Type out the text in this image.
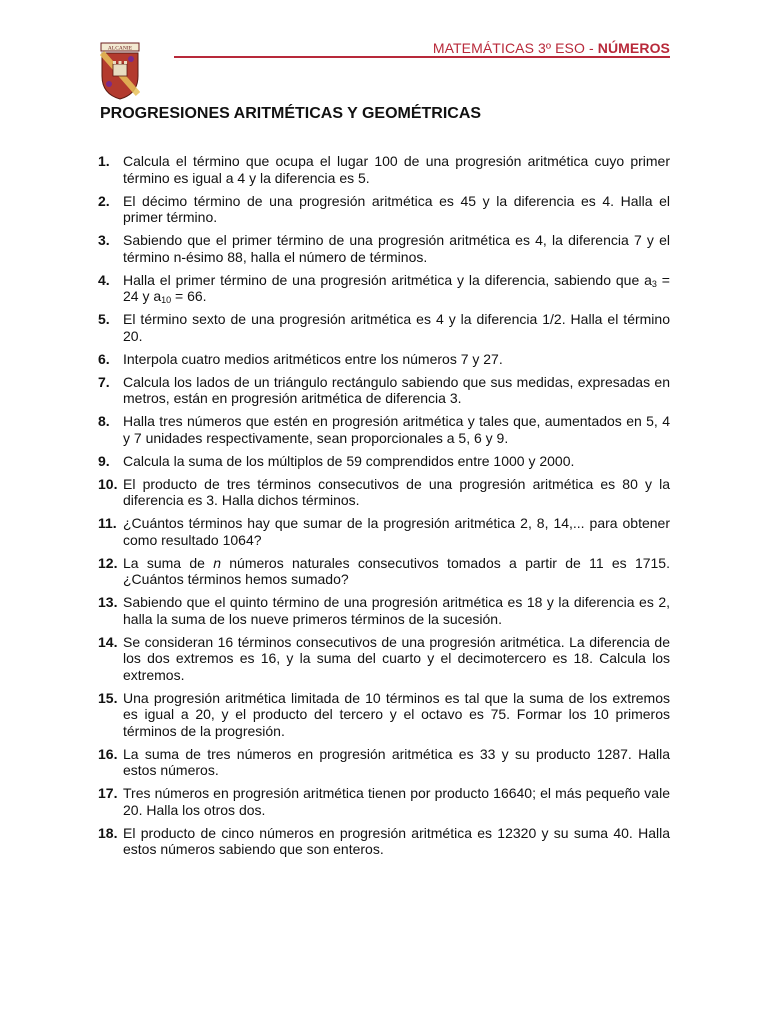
ALCANIE	MATEMÁTICAS 3º ESO - NÚMEROS
PROGRESIONES ARITMÉTICAS Y GEOMÉTRICAS
1. Calcula el término que ocupa el lugar 100 de una progresión aritmética cuyo primer término es igual a 4 y la diferencia es 5.
2. El décimo término de una progresión aritmética es 45 y la diferencia es 4. Halla el primer término.
3. Sabiendo que el primer término de una progresión aritmética es 4, la diferencia 7 y el término n-ésimo 88, halla el número de términos.
4. Halla el primer término de una progresión aritmética y la diferencia, sabiendo que $a_3 = 24$ y $a_{10} = 66$.
5. El término sexto de una progresión aritmética es 4 y la diferencia 1/2. Halla el término 20.
6. Interpola cuatro medios aritméticos entre los números 7 y 27.
7. Calcula los lados de un triángulo rectángulo sabiendo que sus medidas, expresadas en metros, están en progresión aritmética de diferencia 3.
8. Halla tres números que estén en progresión aritmética y tales que, aumentados en 5, 4 y 7 unidades respectivamente, sean proporcionales a 5, 6 y 9.
9. Calcula la suma de los múltiplos de 59 comprendidos entre 1000 y 2000.
10. El producto de tres términos consecutivos de una progresión aritmética es 80 y la diferencia es 3. Halla dichos términos.
11. ¿Cuántos términos hay que sumar de la progresión aritmética 2, 8, 14,... para obtener como resultado 1064?
12. La suma de n números naturales consecutivos tomados a partir de 11 es 1715. ¿Cuántos términos hemos sumado?
13. Sabiendo que el quinto término de una progresión aritmética es 18 y la diferencia es 2, halla la suma de los nueve primeros términos de la sucesión.
14. Se consideran 16 términos consecutivos de una progresión aritmética. La diferencia de los dos extremos es 16, y la suma del cuarto y el decimotercero es 18. Calcula los extremos.
15. Una progresión aritmética limitada de 10 términos es tal que la suma de los extremos es igual a 20, y el producto del tercero y el octavo es 75. Formar los 10 primeros términos de la progresión.
16. La suma de tres números en progresión aritmética es 33 y su producto 1287. Halla estos números.
17. Tres números en progresión aritmética tienen por producto 16640; el más pequeño vale 20. Halla los otros dos.
18. El producto de cinco números en progresión aritmética es 12320 y su suma 40. Halla estos números sabiendo que son enteros.
